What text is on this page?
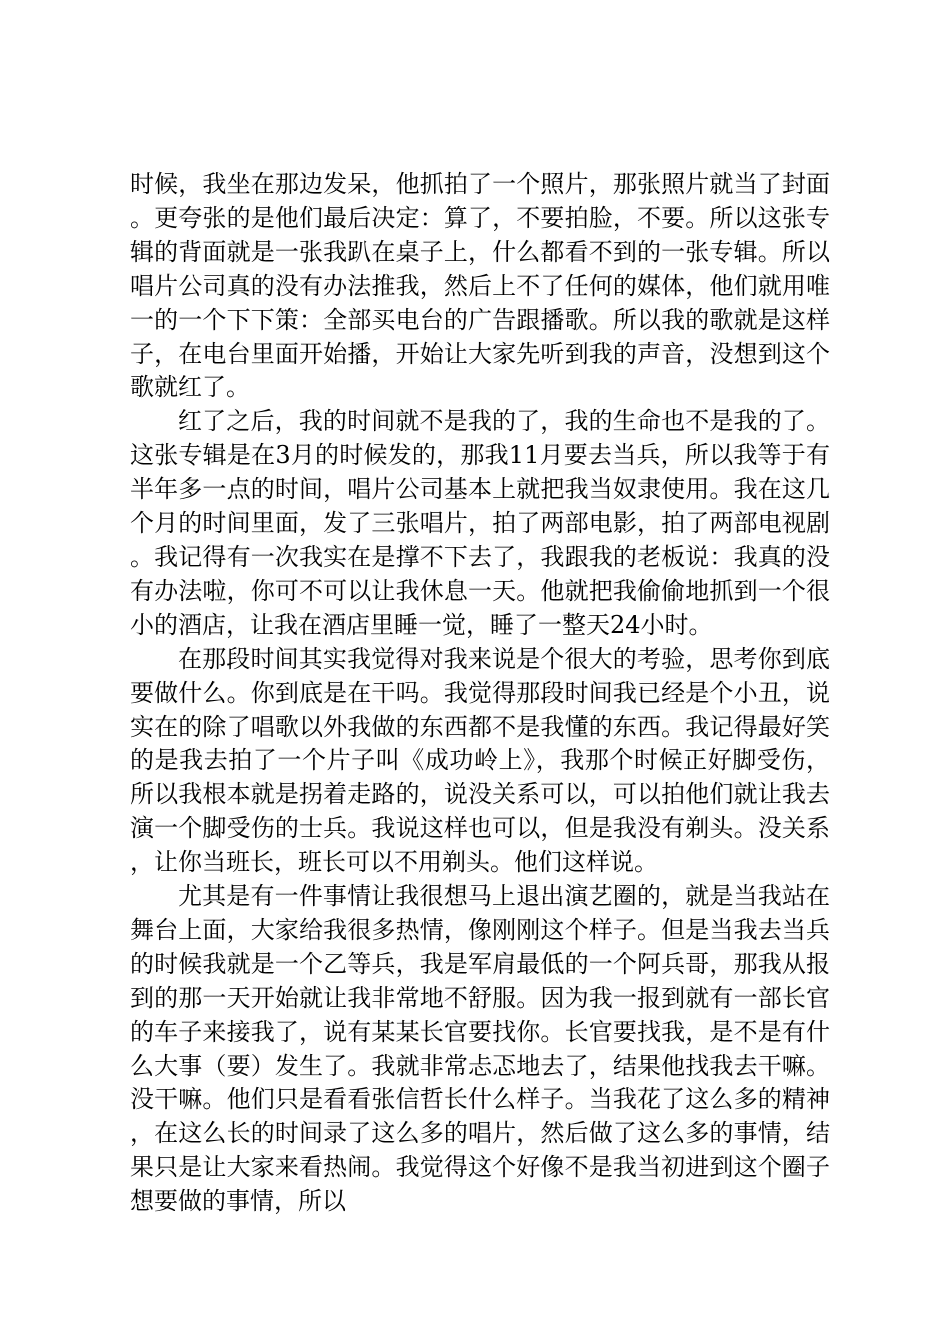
时候，我坐在那边发呆，他抓拍了一个照片，那张照片就当了封面。更夸张的是他们最后决定：算了，不要拍脸，不要。所以这张专辑的背面就是一张我趴在桌子上，什么都看不到的一张专辑。所以唱片公司真的没有办法推我，然后上不了任何的媒体，他们就用唯一的一个下下策：全部买电台的广告跟播歌。所以我的歌就是这样子，在电台里面开始播，开始让大家先听到我的声音，没想到这个歌就红了。

红了之后，我的时间就不是我的了，我的生命也不是我的了。这张专辑是在3月的时候发的，那我11月要去当兵，所以我等于有半年多一点的时间，唱片公司基本上就把我当奴隶使用。我在这几个月的时间里面，发了三张唱片，拍了两部电影，拍了两部电视剧。我记得有一次我实在是撑不下去了，我跟我的老板说：我真的没有办法啦，你可不可以让我休息一天。他就把我偷偷地抓到一个很小的酒店，让我在酒店里睡一觉，睡了一整天24小时。

在那段时间其实我觉得对我来说是个很大的考验，思考你到底要做什么。你到底是在干吗。我觉得那段时间我已经是个小丑，说实在的除了唱歌以外我做的东西都不是我懂的东西。我记得最好笑的是我去拍了一个片子叫《成功岭上》，我那个时候正好脚受伤，所以我根本就是拐着走路的，说没关系可以，可以拍他们就让我去演一个脚受伤的士兵。我说这样也可以，但是我没有剃头。没关系，让你当班长，班长可以不用剃头。他们这样说。

尤其是有一件事情让我很想马上退出演艺圈的，就是当我站在舞台上面，大家给我很多热情，像刚刚这个样子。但是当我去当兵的时候我就是一个乙等兵，我是军肩最低的一个阿兵哥，那我从报到的那一天开始就让我非常地不舒服。因为我一报到就有一部长官的车子来接我了，说有某某长官要找你。长官要找我，是不是有什么大事（要）发生了。我就非常忐忑地去了，结果他找我去干嘛。没干嘛。他们只是看看张信哲长什么样子。当我花了这么多的精神，在这么长的时间录了这么多的唱片，然后做了这么多的事情，结果只是让大家来看热闹。我觉得这个好像不是我当初进到这个圈子想要做的事情，所以
